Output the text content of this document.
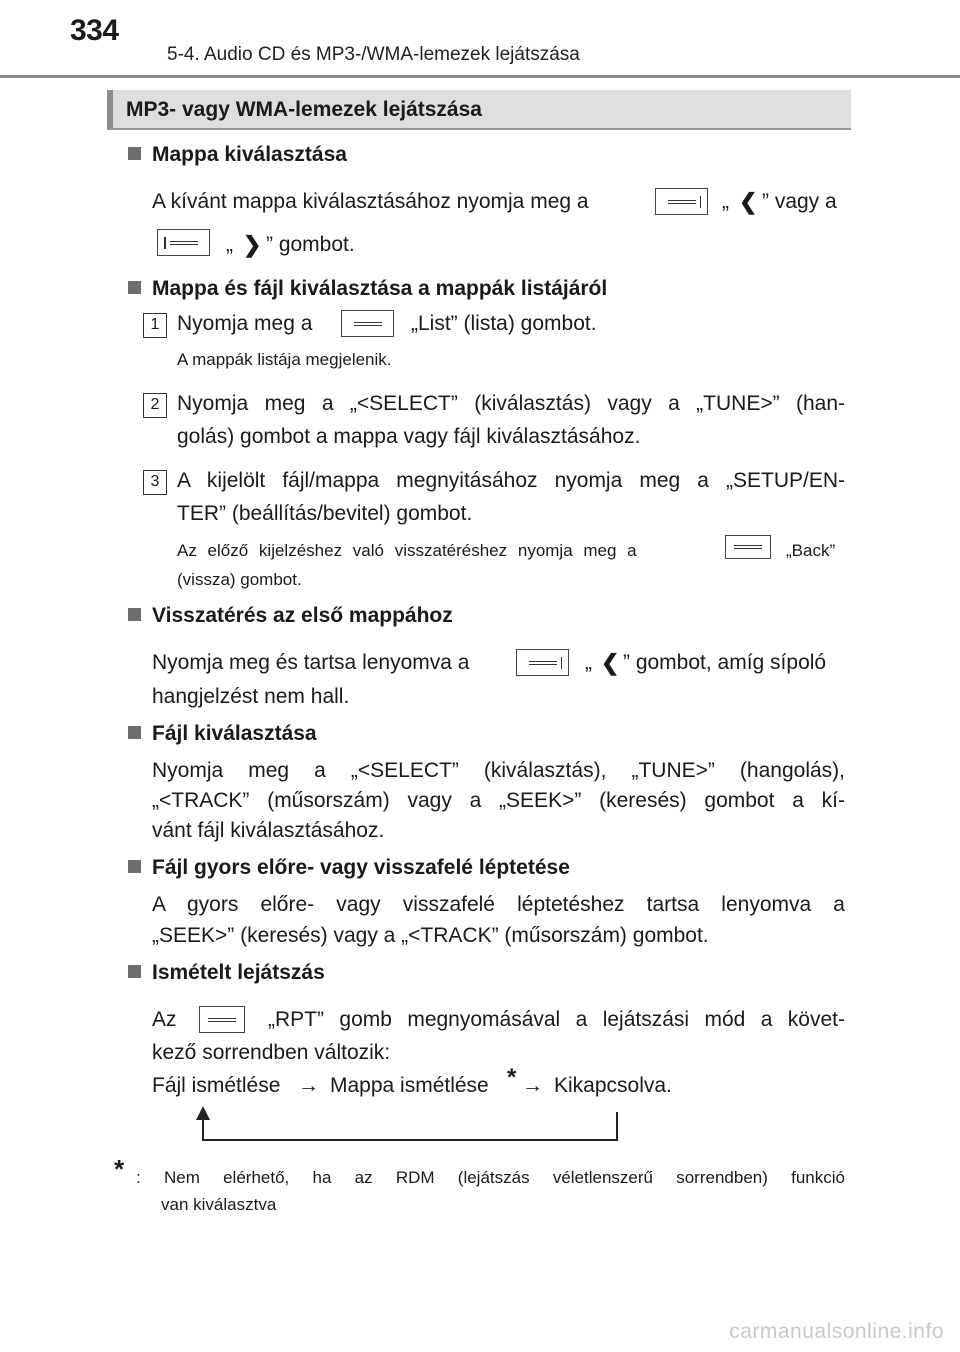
334
5-4. Audio CD és MP3-/WMA-lemezek lejátszása
MP3- vagy WMA-lemezek lejátszása
Mappa kiválasztása
A kívánt mappa kiválasztásához nyomja meg a	„ ❮ ” vagy a
„ ❯ ” gombot.
Mappa és fájl kiválasztása a mappák listájáról
1 Nyomja meg a	„List” (lista) gombot.
A mappák listája megjelenik.
2 Nyomja meg a „<SELECT” (kiválasztás) vagy a „TUNE>” (han-
golás) gombot a mappa vagy fájl kiválasztásához.
3 A kijelölt fájl/mappa megnyitásához nyomja meg a „SETUP/EN-
TER” (beállítás/bevitel) gombot.
Az előző kijelzéshez való visszatéréshez nyomja meg a	„Back”
(vissza) gombot.
Visszatérés az első mappához
Nyomja meg és tartsa lenyomva a	„ ❮ ” gombot, amíg sípoló
hangjelzést nem hall.
Fájl kiválasztása
Nyomja meg a „<SELECT” (kiválasztás), „TUNE>” (hangolás),
„<TRACK” (műsorszám) vagy a „SEEK>” (keresés) gombot a kí-
vánt fájl kiválasztásához.
Fájl gyors előre- vagy visszafelé léptetése
A gyors előre- vagy visszafelé léptetéshez tartsa lenyomva a
„SEEK>” (keresés) vagy a „<TRACK” (műsorszám) gombot.
Ismételt lejátszás
Az	„RPT” gomb megnyomásával a lejátszási mód a követ-
kező sorrendben változik:
Fájl ismétlése → Mappa ismétlése * → Kikapcsolva.
* : Nem elérhető, ha az RDM (lejátszás véletlenszerű sorrendben) funkció
van kiválasztva
carmanualsonline.info
